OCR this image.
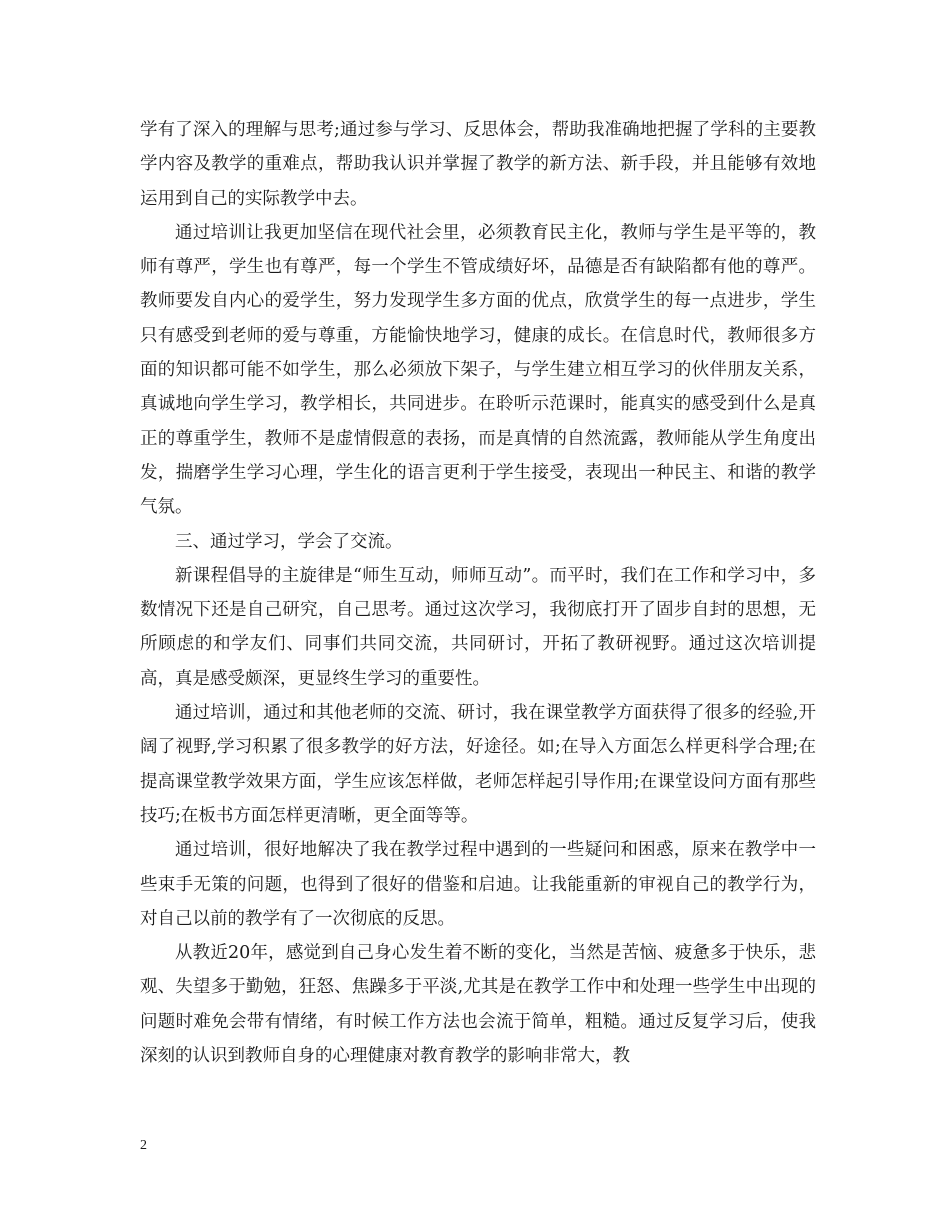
学有了深入的理解与思考;通过参与学习、反思体会，帮助我准确地把握了学科的主要教学内容及教学的重难点，帮助我认识并掌握了教学的新方法、新手段，并且能够有效地运用到自己的实际教学中去。

通过培训让我更加坚信在现代社会里，必须教育民主化，教师与学生是平等的，教师有尊严，学生也有尊严，每一个学生不管成绩好坏，品德是否有缺陷都有他的尊严。教师要发自内心的爱学生，努力发现学生多方面的优点，欣赏学生的每一点进步，学生只有感受到老师的爱与尊重，方能愉快地学习，健康的成长。在信息时代，教师很多方面的知识都可能不如学生，那么必须放下架子，与学生建立相互学习的伙伴朋友关系，真诚地向学生学习，教学相长，共同进步。在聆听示范课时，能真实的感受到什么是真正的尊重学生，教师不是虚情假意的表扬，而是真情的自然流露，教师能从学生角度出发，揣磨学生学习心理，学生化的语言更利于学生接受，表现出一种民主、和谐的教学气氛。

三、通过学习，学会了交流。

新课程倡导的主旋律是“师生互动，师师互动”。而平时，我们在工作和学习中，多数情况下还是自己研究，自己思考。通过这次学习，我彻底打开了固步自封的思想，无所顾虑的和学友们、同事们共同交流，共同研讨，开拓了教研视野。通过这次培训提高，真是感受颇深，更显终生学习的重要性。

通过培训，通过和其他老师的交流、研讨，我在课堂教学方面获得了很多的经验,开阔了视野,学习积累了很多教学的好方法，好途径。如;在导入方面怎么样更科学合理;在提高课堂教学效果方面，学生应该怎样做，老师怎样起引导作用;在课堂设问方面有那些技巧;在板书方面怎样更清晰，更全面等等。

通过培训，很好地解决了我在教学过程中遇到的一些疑问和困惑，原来在教学中一些束手无策的问题，也得到了很好的借鉴和启迪。让我能重新的审视自己的教学行为，对自己以前的教学有了一次彻底的反思。

从教近20年，感觉到自己身心发生着不断的变化，当然是苦恼、疲惫多于快乐，悲观、失望多于勤勉，狂怒、焦躁多于平淡,尤其是在教学工作中和处理一些学生中出现的问题时难免会带有情绪，有时候工作方法也会流于简单，粗糙。通过反复学习后，使我深刻的认识到教师自身的心理健康对教育教学的影响非常大，教

2
